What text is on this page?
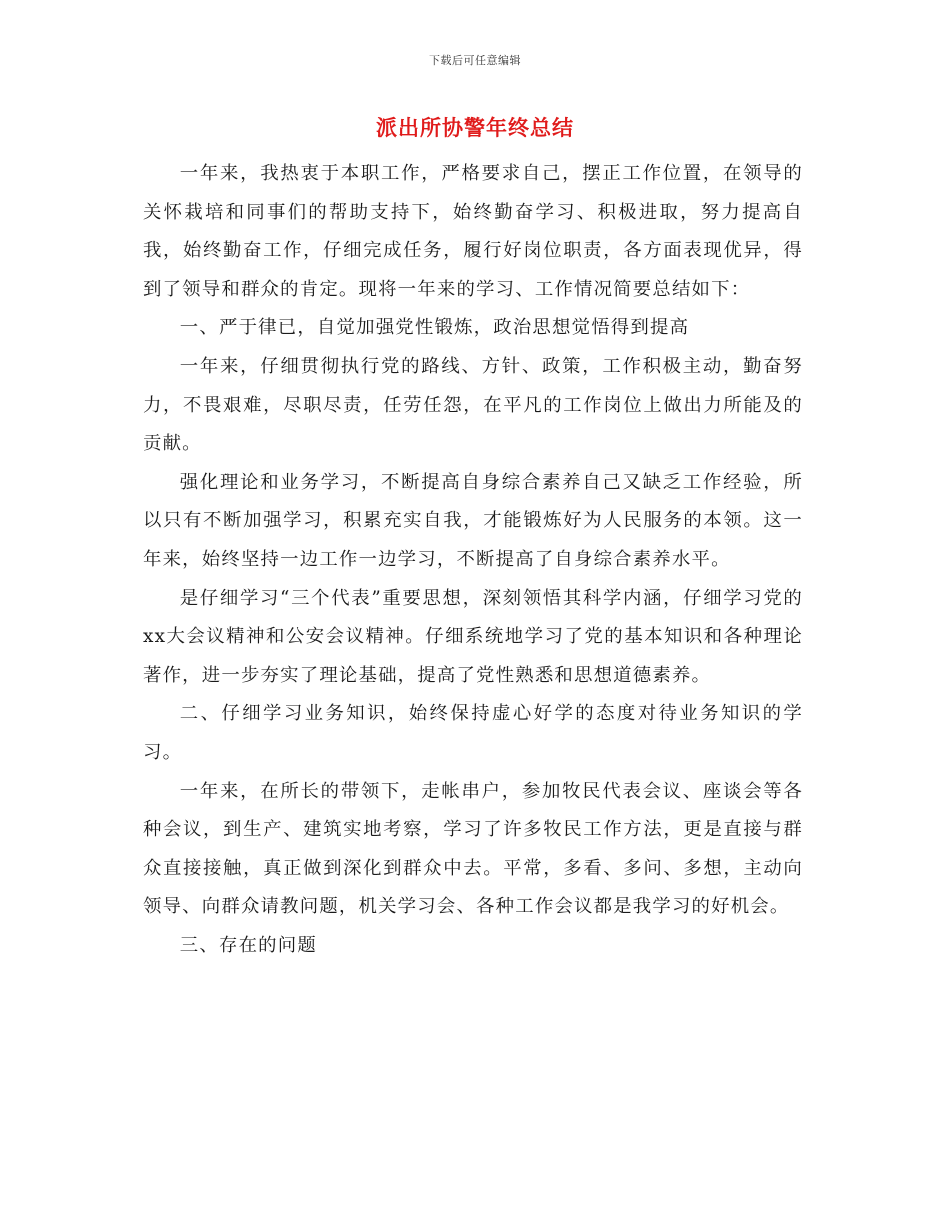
下载后可任意编辑
派出所协警年终总结

一年来，我热衷于本职工作，严格要求自己，摆正工作位置，在领导的关怀栽培和同事们的帮助支持下，始终勤奋学习、积极进取，努力提高自我，始终勤奋工作，仔细完成任务，履行好岗位职责，各方面表现优异，得到了领导和群众的肯定。现将一年来的学习、工作情况简要总结如下：

一、严于律已，自觉加强党性锻炼，政治思想觉悟得到提高

一年来，仔细贯彻执行党的路线、方针、政策，工作积极主动，勤奋努力，不畏艰难，尽职尽责，任劳任怨，在平凡的工作岗位上做出力所能及的贡献。

强化理论和业务学习，不断提高自身综合素养自己又缺乏工作经验，所以只有不断加强学习，积累充实自我，才能锻炼好为人民服务的本领。这一年来，始终坚持一边工作一边学习，不断提高了自身综合素养水平。

是仔细学习“三个代表”重要思想，深刻领悟其科学内涵，仔细学习党的xx大会议精神和公安会议精神。仔细系统地学习了党的基本知识和各种理论著作，进一步夯实了理论基础，提高了党性熟悉和思想道德素养。

二、仔细学习业务知识，始终保持虚心好学的态度对待业务知识的学习。

一年来，在所长的带领下，走帐串户，参加牧民代表会议、座谈会等各种会议，到生产、建筑实地考察，学习了许多牧民工作方法，更是直接与群众直接接触，真正做到深化到群众中去。平常，多看、多问、多想，主动向领导、向群众请教问题，机关学习会、各种工作会议都是我学习的好机会。

三、存在的问题
